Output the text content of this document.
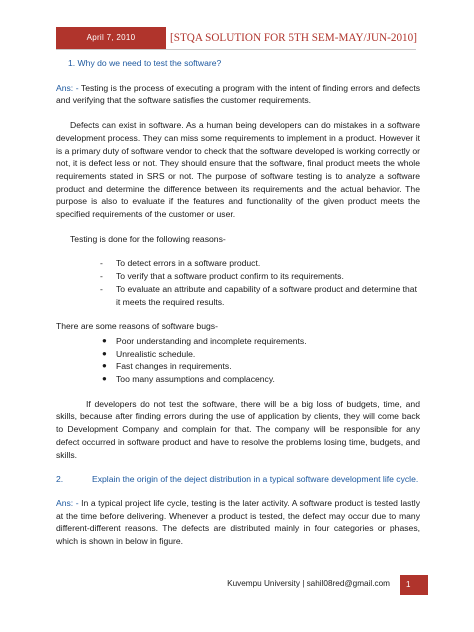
April 7, 2010	[STQA SOLUTION FOR 5TH SEM-MAY/JUN-2010]

1. Why do we need to test the software?

Ans: - Testing is the process of executing a program with the intent of finding errors and defects and verifying that the software satisfies the customer requirements.

Defects can exist in software. As a human being developers can do mistakes in a software development process. They can miss some requirements to implement in a product. However it is a primary duty of software vendor to check that the software developed is working correctly or not, it is defect less or not. They should ensure that the software, final product meets the whole requirements stated in SRS or not. The purpose of software testing is to analyze a software product and determine the difference between its requirements and the actual behavior. The purpose is also to evaluate if the features and functionality of the given product meets the specified requirements of the customer or user.

Testing is done for the following reasons-

- To detect errors in a software product.
- To verify that a software product confirm to its requirements.
- To evaluate an attribute and capability of a software product and determine that it meets the required results.

There are some reasons of software bugs-

● Poor understanding and incomplete requirements.
● Unrealistic schedule.
● Fast changes in requirements.
● Too many assumptions and complacency.

If developers do not test the software, there will be a big loss of budgets, time, and skills, because after finding errors during the use of application by clients, they will come back to Development Company and complain for that. The company will be responsible for any defect occurred in software product and have to resolve the problems losing time, budgets, and skills.

2.	Explain the origin of the deject distribution in a typical software development life cycle.

Ans: - In a typical project life cycle, testing is the later activity. A software product is tested lastly at the time before delivering. Whenever a product is tested, the defect may occur due to many different-different reasons. The defects are distributed mainly in four categories or phases, which is shown in below in figure.

Kuvempu University | sahil08red@gmail.com	1
